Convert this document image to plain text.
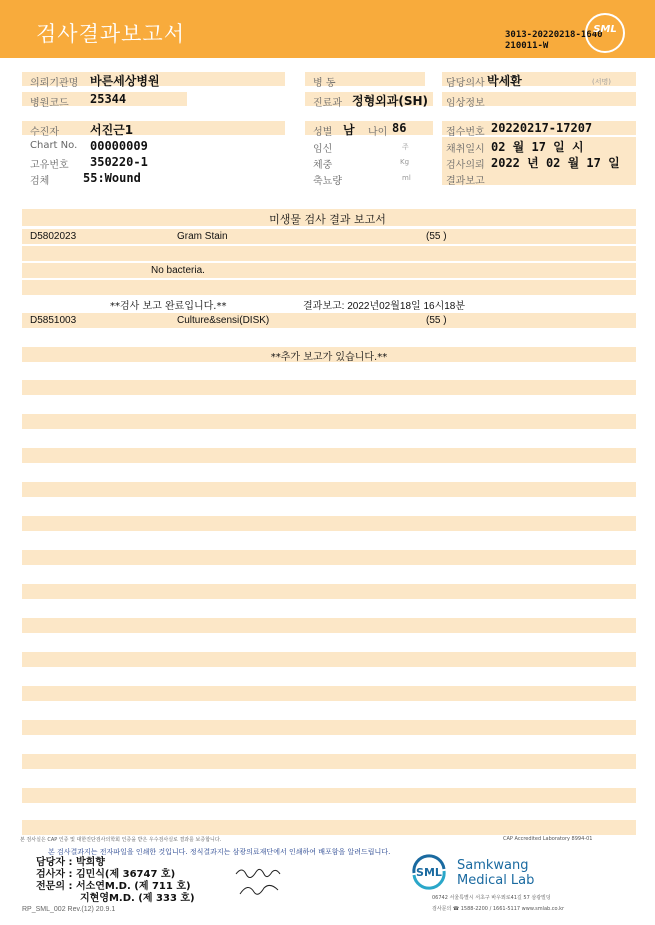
검사결과보고서	3013-20220218-1640
210011-W
SML
의뢰기관명 바른세상병원
병원코드 25344
병 동
진료과 정형외과(SH)
담당의사 박세환	(서명)
임상정보
수진자	서진근1
Chart No. 00000009
고유번호 350220-1
검체	55:Wound
성별 남 나이 86
임신	주
체중	Kg
축뇨량	ml
접수번호 20220217-17207
채취일시 02 월 17 일 시
검사의뢰 2022 년 02 월 17 일
결과보고
미생물 검사 결과 보고서
D5802023	Gram Stain	(55 )
No bacteria.
**검사 보고 완료입니다.**	결과보고: 2022년02월18일 16시18분
D5851003	Culture&sensi(DISK)	(55 )
**추가 보고가 있습니다.**
본 검사실은 CAP 인증 및 대한진단검사의학회 인증을 받은 우수검사실로 결과를 보증합니다.	CAP Accredited Laboratory 8994-01
본 검사결과지는 전자파일을 인쇄한 것입니다. 정식결과지는 삼광의료재단에서 인쇄하여 배포함을 알려드립니다.
담당자 : 박희향
검사자 : 김민식(제 36747 호)
전문의 : 서소연M.D. (제 711 호)
지현영M.D. (제 333 호)
SML	Samkwang
Medical Lab
06742 서울특별시 서초구 바우뫼로41길 57 삼광빌딩
검사문의 ☎ 1588-2200 / 1661-5117 www.smlab.co.kr
RP_SML_002 Rev.(12) 20.9.1
